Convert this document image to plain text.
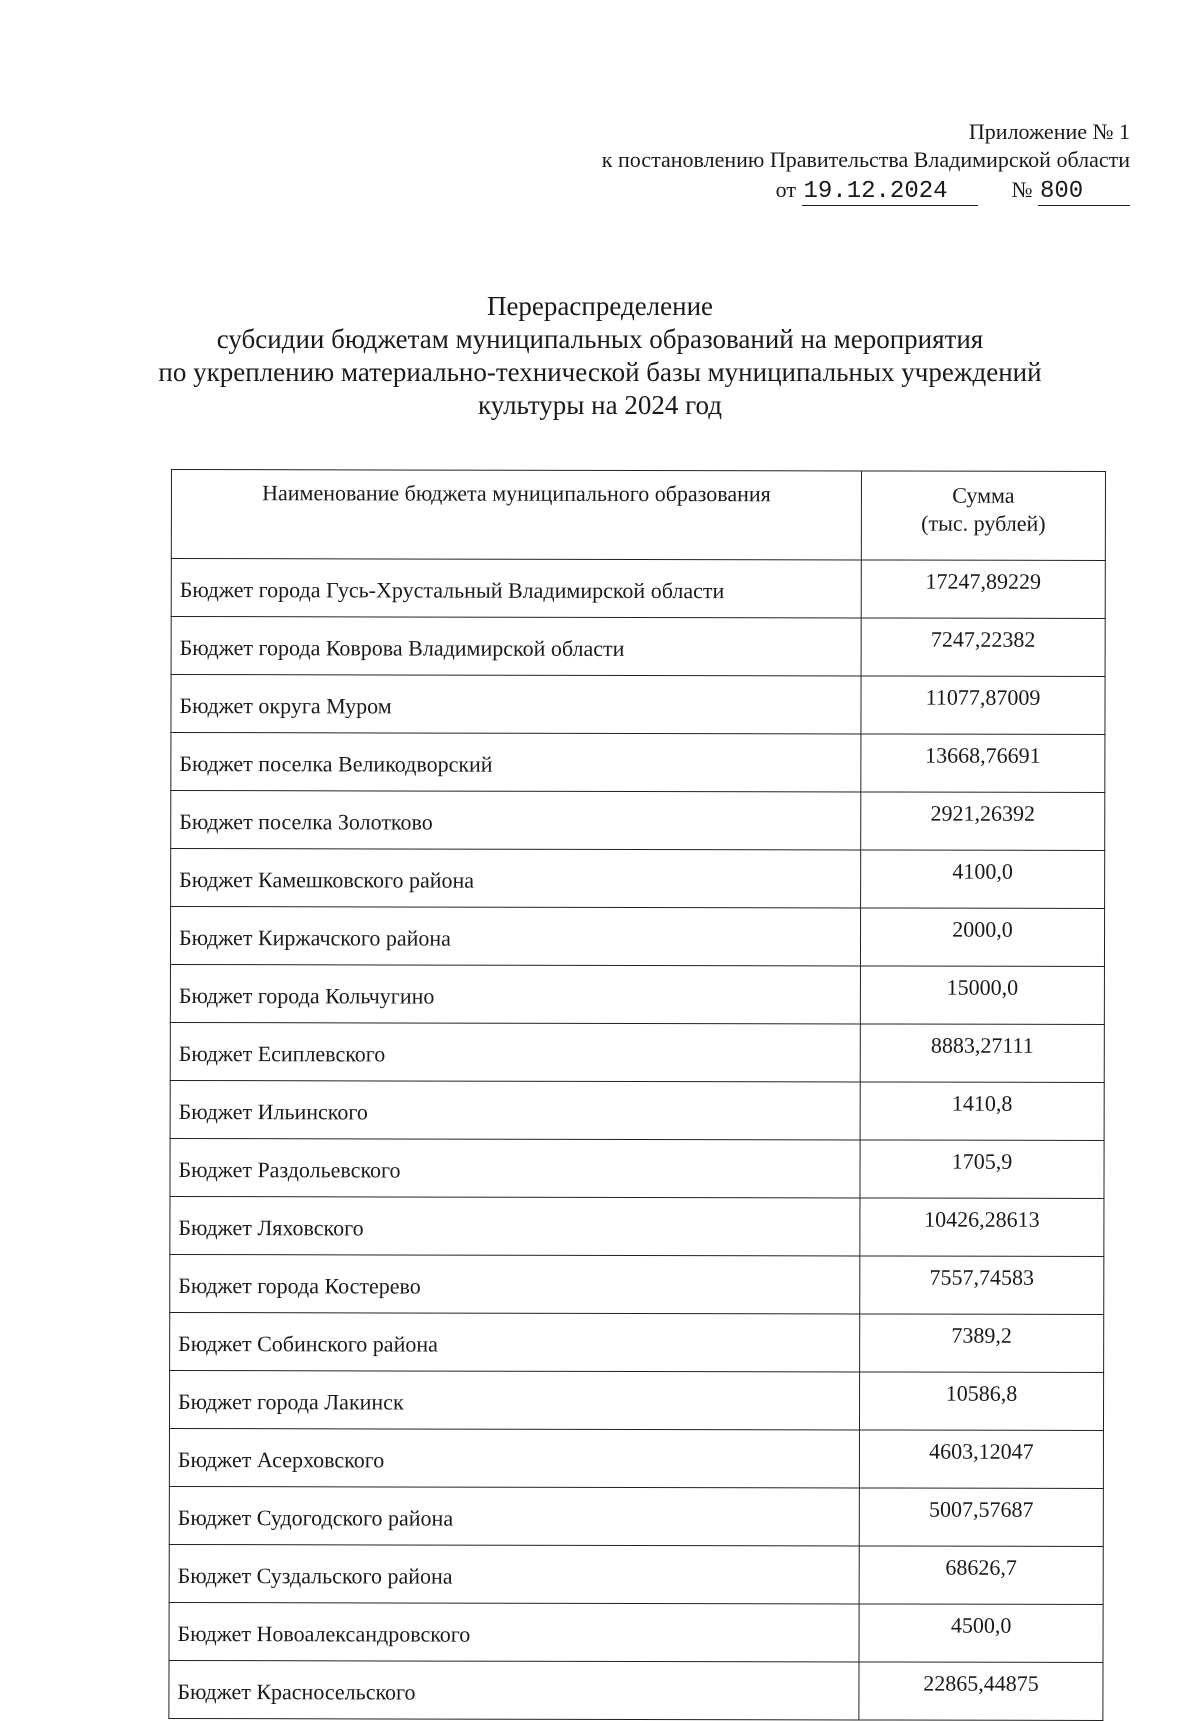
Приложение № 1
к постановлению Правительства Владимирской области
от 19.12.2024	№ 800
Перераспределение
субсидии бюджетам муниципальных образований на мероприятия
по укреплению материально-технической базы муниципальных учреждений
культуры на 2024 год
Наименование бюджета муниципального образования	Сумма
(тыс. рублей)
Бюджет города Гусь-Хрустальный Владимирской области	17247,89229
Бюджет города Коврова Владимирской области	7247,22382
Бюджет округа Муром	11077,87009
Бюджет поселка Великодворский	13668,76691
Бюджет поселка Золотково	2921,26392
Бюджет Камешковского района	4100,0
Бюджет Киржачского района	2000,0
Бюджет города Кольчугино	15000,0
Бюджет Есиплевского	8883,27111
Бюджет Ильинского	1410,8
Бюджет Раздольевского	1705,9
Бюджет Ляховского	10426,28613
Бюджет города Костерево	7557,74583
Бюджет Собинского района	7389,2
Бюджет города Лакинск	10586,8
Бюджет Асерховского	4603,12047
Бюджет Судогодского района	5007,57687
Бюджет Суздальского района	68626,7
Бюджет Новоалександровского	4500,0
Бюджет Красносельского	22865,44875
